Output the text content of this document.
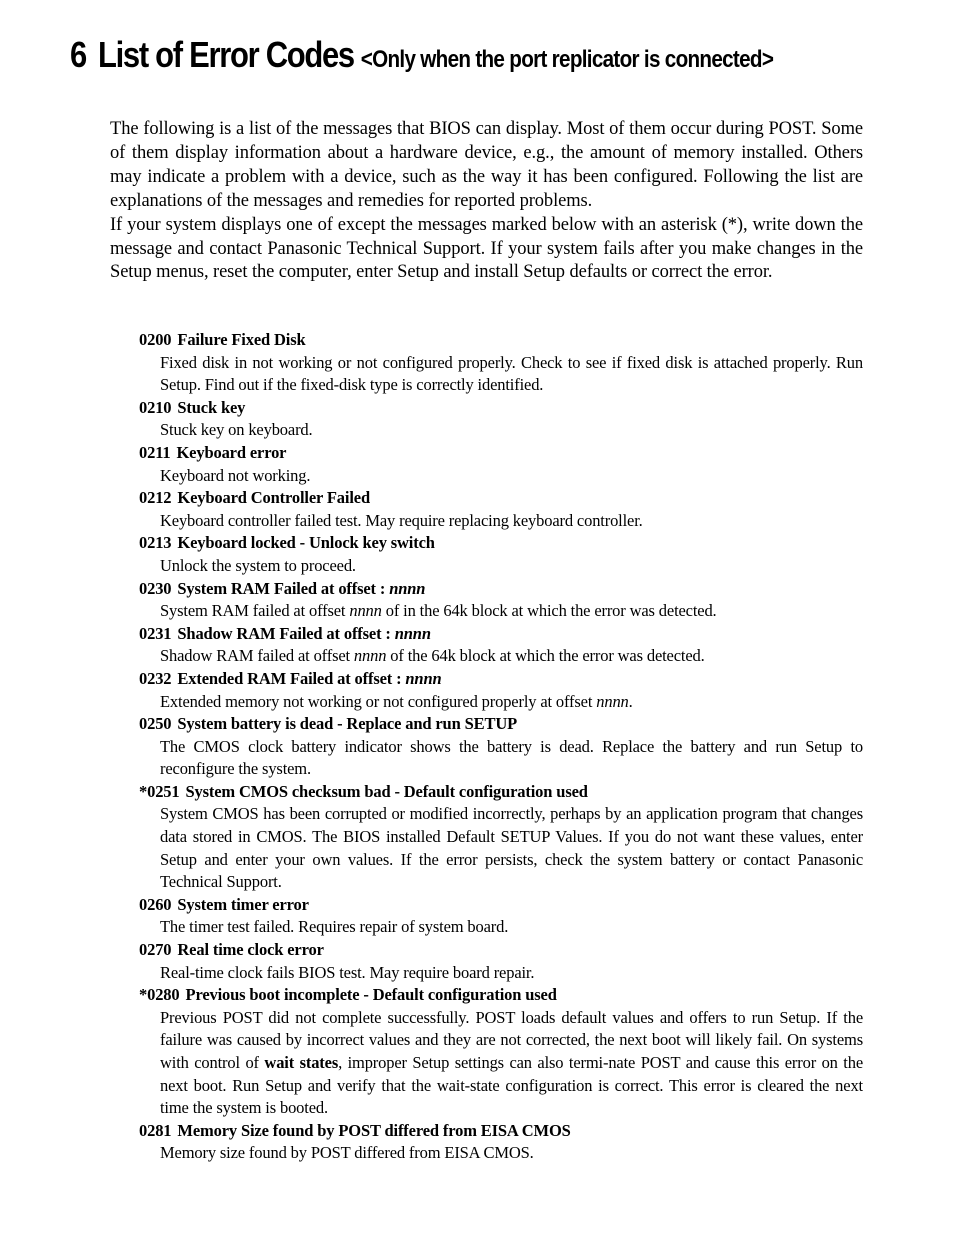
6 List of Error Codes <Only when the port replicator is connected>

The following is a list of the messages that BIOS can display. Most of them occur during POST. Some of them display information about a hardware device, e.g., the amount of memory installed. Others may indicate a problem with a device, such as the way it has been configured. Following the list are explanations of the messages and remedies for reported problems.

If your system displays one of except the messages marked below with an asterisk (*), write down the message and contact Panasonic Technical Support. If your system fails after you make changes in the Setup menus, reset the computer, enter Setup and install Setup defaults or correct the error.

0200 Failure Fixed Disk
Fixed disk in not working or not configured properly. Check to see if fixed disk is attached properly. Run Setup. Find out if the fixed-disk type is correctly identified.
0210 Stuck key
Stuck key on keyboard.
0211 Keyboard error
Keyboard not working.
0212 Keyboard Controller Failed
Keyboard controller failed test. May require replacing keyboard controller.
0213 Keyboard locked - Unlock key switch
Unlock the system to proceed.
0230 System RAM Failed at offset : nnnn
System RAM failed at offset nnnn of in the 64k block at which the error was detected.
0231 Shadow RAM Failed at offset : nnnn
Shadow RAM failed at offset nnnn of the 64k block at which the error was detected.
0232 Extended RAM Failed at offset : nnnn
Extended memory not working or not configured properly at offset nnnn.
0250 System battery is dead - Replace and run SETUP
The CMOS clock battery indicator shows the battery is dead. Replace the battery and run Setup to reconfigure the system.
*0251 System CMOS checksum bad - Default configuration used
System CMOS has been corrupted or modified incorrectly, perhaps by an application program that changes data stored in CMOS. The BIOS installed Default SETUP Values. If you do not want these values, enter Setup and enter your own values. If the error persists, check the system battery or contact Panasonic Technical Support.
0260 System timer error
The timer test failed. Requires repair of system board.
0270 Real time clock error
Real-time clock fails BIOS test. May require board repair.
*0280 Previous boot incomplete - Default configuration used
Previous POST did not complete successfully. POST loads default values and offers to run Setup. If the failure was caused by incorrect values and they are not corrected, the next boot will likely fail. On systems with control of wait states, improper Setup settings can also termi-nate POST and cause this error on the next boot. Run Setup and verify that the wait-state configuration is correct. This error is cleared the next time the system is booted.
0281 Memory Size found by POST differed from EISA CMOS
Memory size found by POST differed from EISA CMOS.
